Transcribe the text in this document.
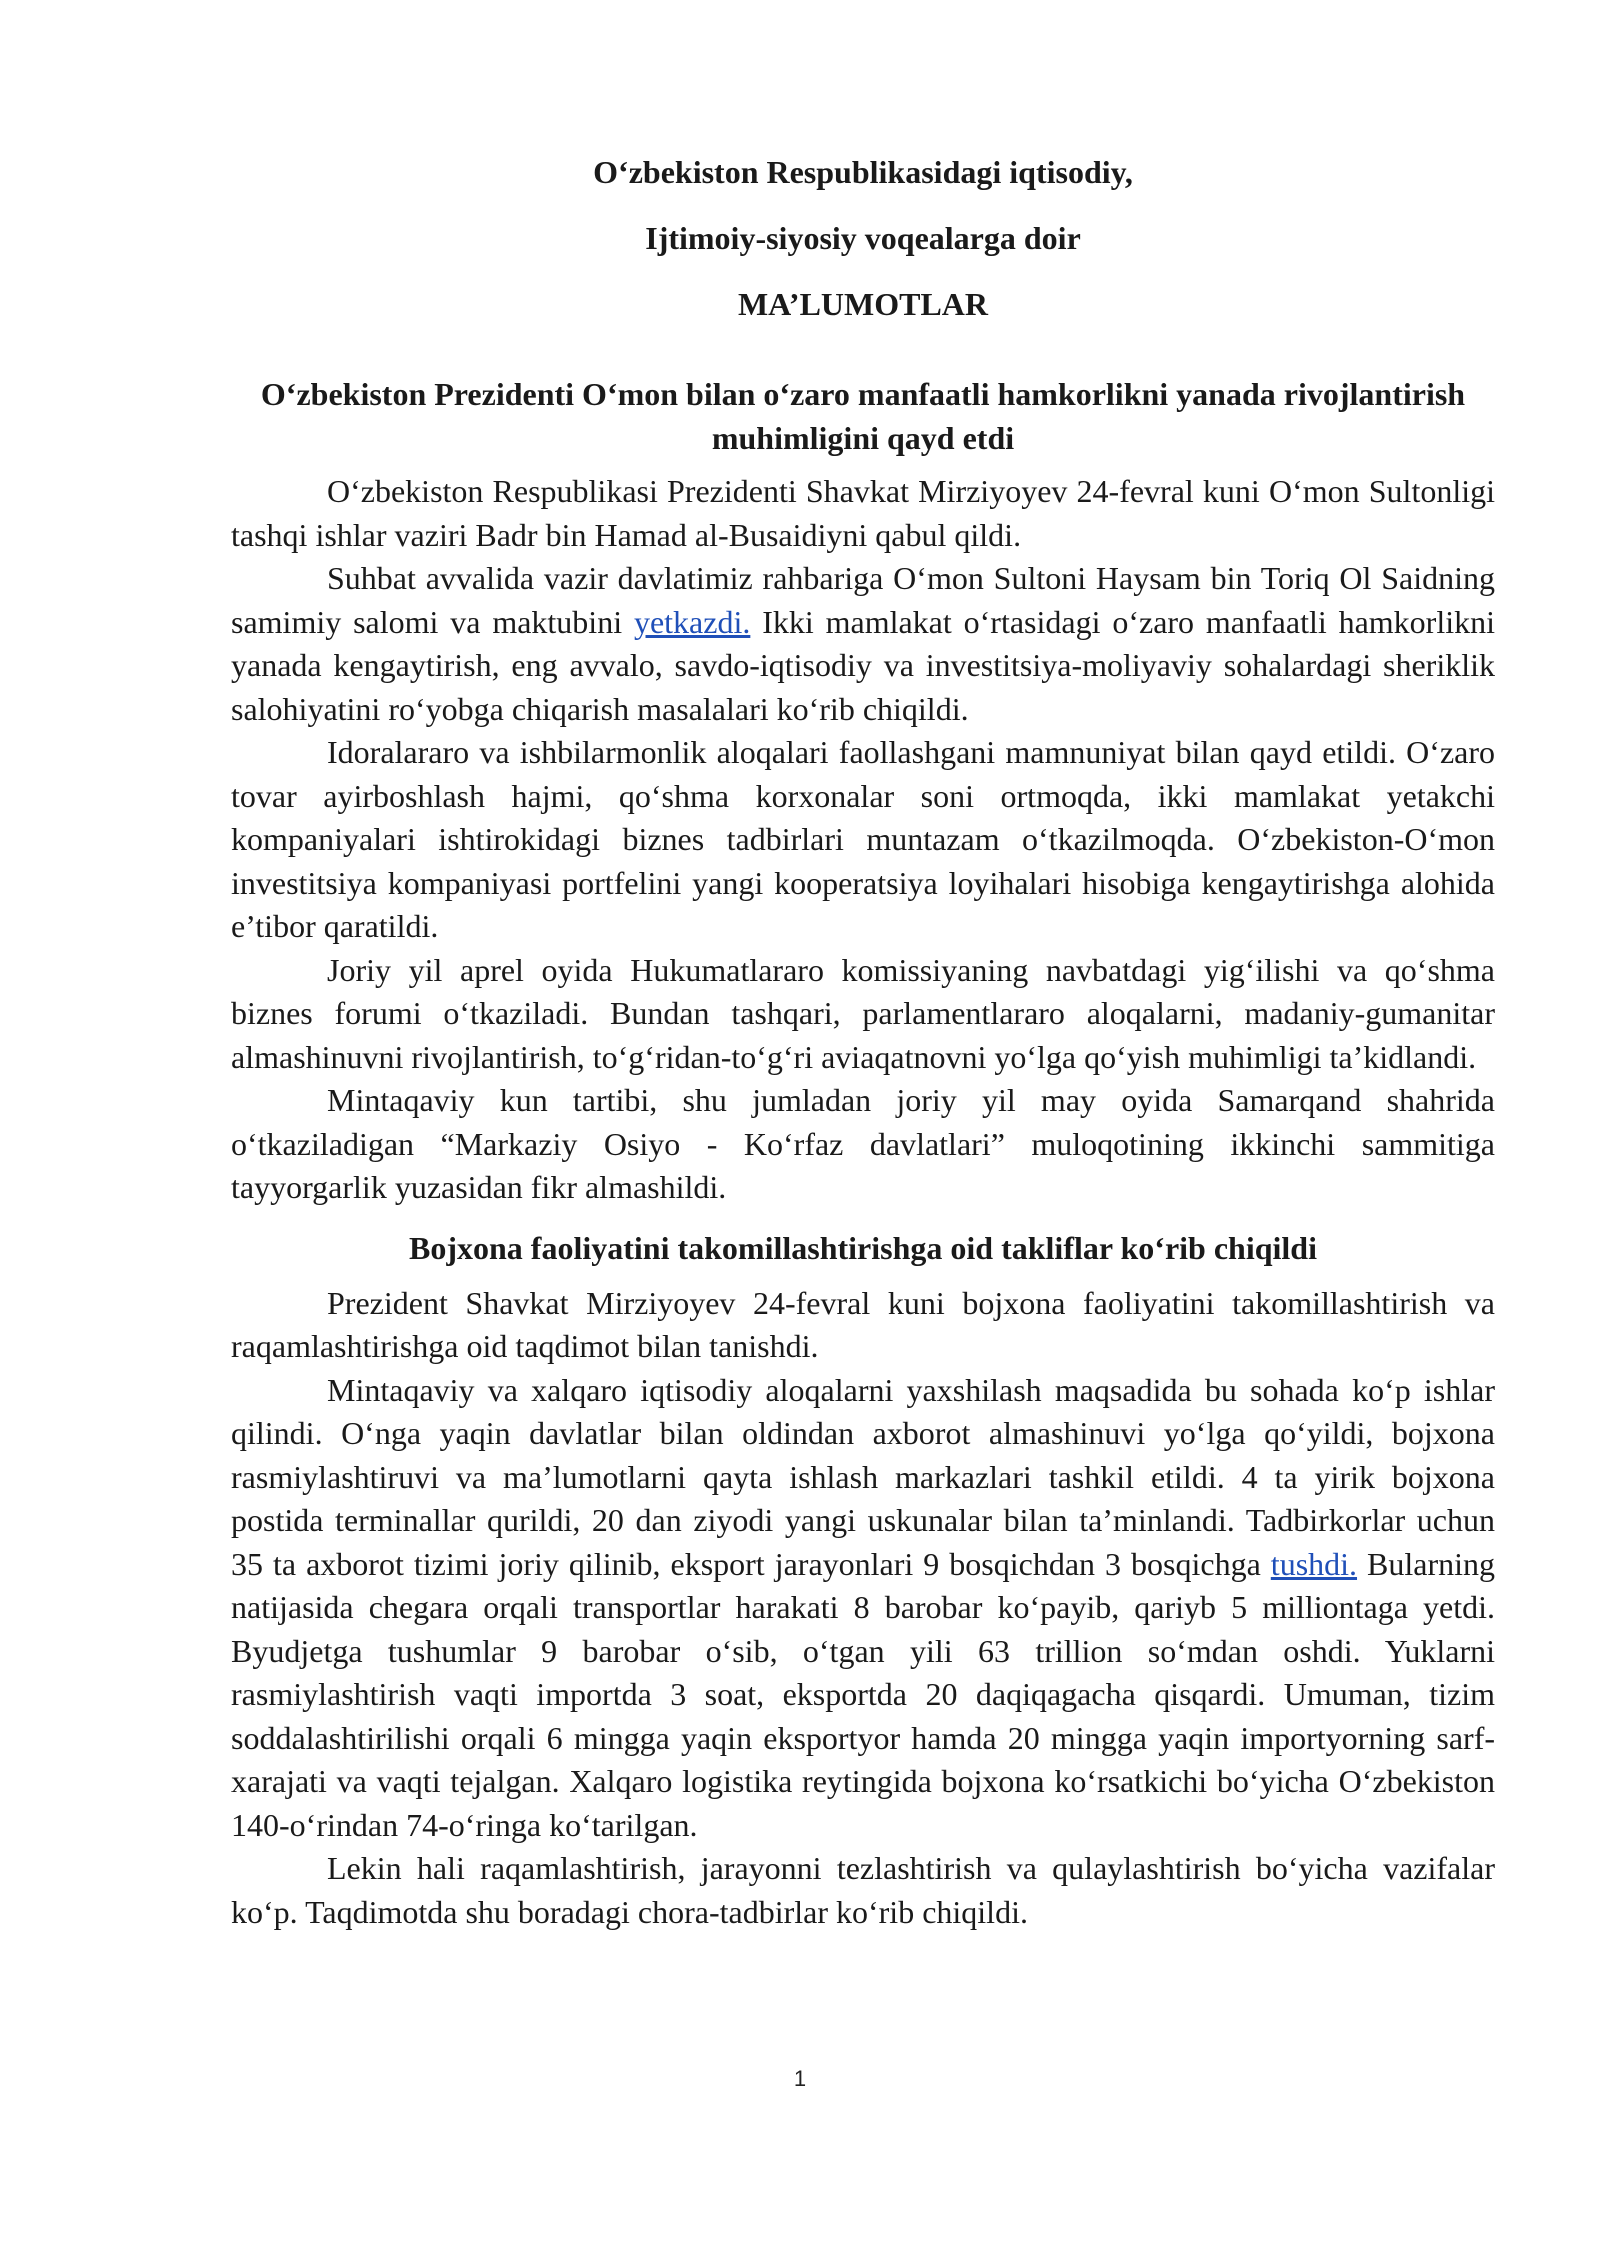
O‘zbekiston Respublikasidagi iqtisodiy,

Ijtimoiy-siyosiy voqealarga doir

MA’LUMOTLAR

O‘zbekiston Prezidenti O‘mon bilan o‘zaro manfaatli hamkorlikni yanada rivojlantirish muhimligini qayd etdi

O‘zbekiston Respublikasi Prezidenti Shavkat Mirziyoyev 24-fevral kuni O‘mon Sultonligi tashqi ishlar vaziri Badr bin Hamad al-Busaidiyni qabul qildi.

Suhbat avvalida vazir davlatimiz rahbariga O‘mon Sultoni Haysam bin Toriq Ol Saidning samimiy salomi va maktubini yetkazdi. Ikki mamlakat o‘rtasidagi o‘zaro manfaatli hamkorlikni yanada kengaytirish, eng avvalo, savdo-iqtisodiy va investitsiya-moliyaviy sohalardagi sheriklik salohiyatini ro‘yobga chiqarish masalalari ko‘rib chiqildi.

Idoralararo va ishbilarmonlik aloqalari faollashgani mamnuniyat bilan qayd etildi. O‘zaro tovar ayirboshlash hajmi, qo‘shma korxonalar soni ortmoqda, ikki mamlakat yetakchi kompaniyalari ishtirokidagi biznes tadbirlari muntazam o‘tkazilmoqda. O‘zbekiston-O‘mon investitsiya kompaniyasi portfelini yangi kooperatsiya loyihalari hisobiga kengaytirishga alohida e’tibor qaratildi.

Joriy yil aprel oyida Hukumatlararo komissiyaning navbatdagi yig‘ilishi va qo‘shma biznes forumi o‘tkaziladi. Bundan tashqari, parlamentlararo aloqalarni, madaniy-gumanitar almashinuvni rivojlantirish, to‘g‘ridan-to‘g‘ri aviaqatnovni yo‘lga qo‘yish muhimligi ta’kidlandi.

Mintaqaviy kun tartibi, shu jumladan joriy yil may oyida Samarqand shahrida o‘tkaziladigan “Markaziy Osiyo - Ko‘rfaz davlatlari” muloqotining ikkinchi sammitiga tayyorgarlik yuzasidan fikr almashildi.

Bojxona faoliyatini takomillashtirishga oid takliflar ko‘rib chiqildi

Prezident Shavkat Mirziyoyev 24-fevral kuni bojxona faoliyatini takomillashtirish va raqamlashtirishga oid taqdimot bilan tanishdi.

Mintaqaviy va xalqaro iqtisodiy aloqalarni yaxshilash maqsadida bu sohada ko‘p ishlar qilindi. O‘nga yaqin davlatlar bilan oldindan axborot almashinuvi yo‘lga qo‘yildi, bojxona rasmiylashtiruvi va ma’lumotlarni qayta ishlash markazlari tashkil etildi. 4 ta yirik bojxona postida terminallar qurildi, 20 dan ziyodi yangi uskunalar bilan ta’minlandi. Tadbirkorlar uchun 35 ta axborot tizimi joriy qilinib, eksport jarayonlari 9 bosqichdan 3 bosqichga tushdi. Bularning natijasida chegara orqali transportlar harakati 8 barobar ko‘payib, qariyb 5 milliontaga yetdi. Byudjetga tushumlar 9 barobar o‘sib, o‘tgan yili 63 trillion so‘mdan oshdi. Yuklarni rasmiylashtirish vaqti importda 3 soat, eksportda 20 daqiqagacha qisqardi. Umuman, tizim soddalashtirilishi orqali 6 mingga yaqin eksportyor hamda 20 mingga yaqin importyorning sarf-xarajati va vaqti tejalgan. Xalqaro logistika reytingida bojxona ko‘rsatkichi bo‘yicha O‘zbekiston 140-o‘rindan 74-o‘ringa ko‘tarilgan.

Lekin hali raqamlashtirish, jarayonni tezlashtirish va qulaylashtirish bo‘yicha vazifalar ko‘p. Taqdimotda shu boradagi chora-tadbirlar ko‘rib chiqildi.

1
